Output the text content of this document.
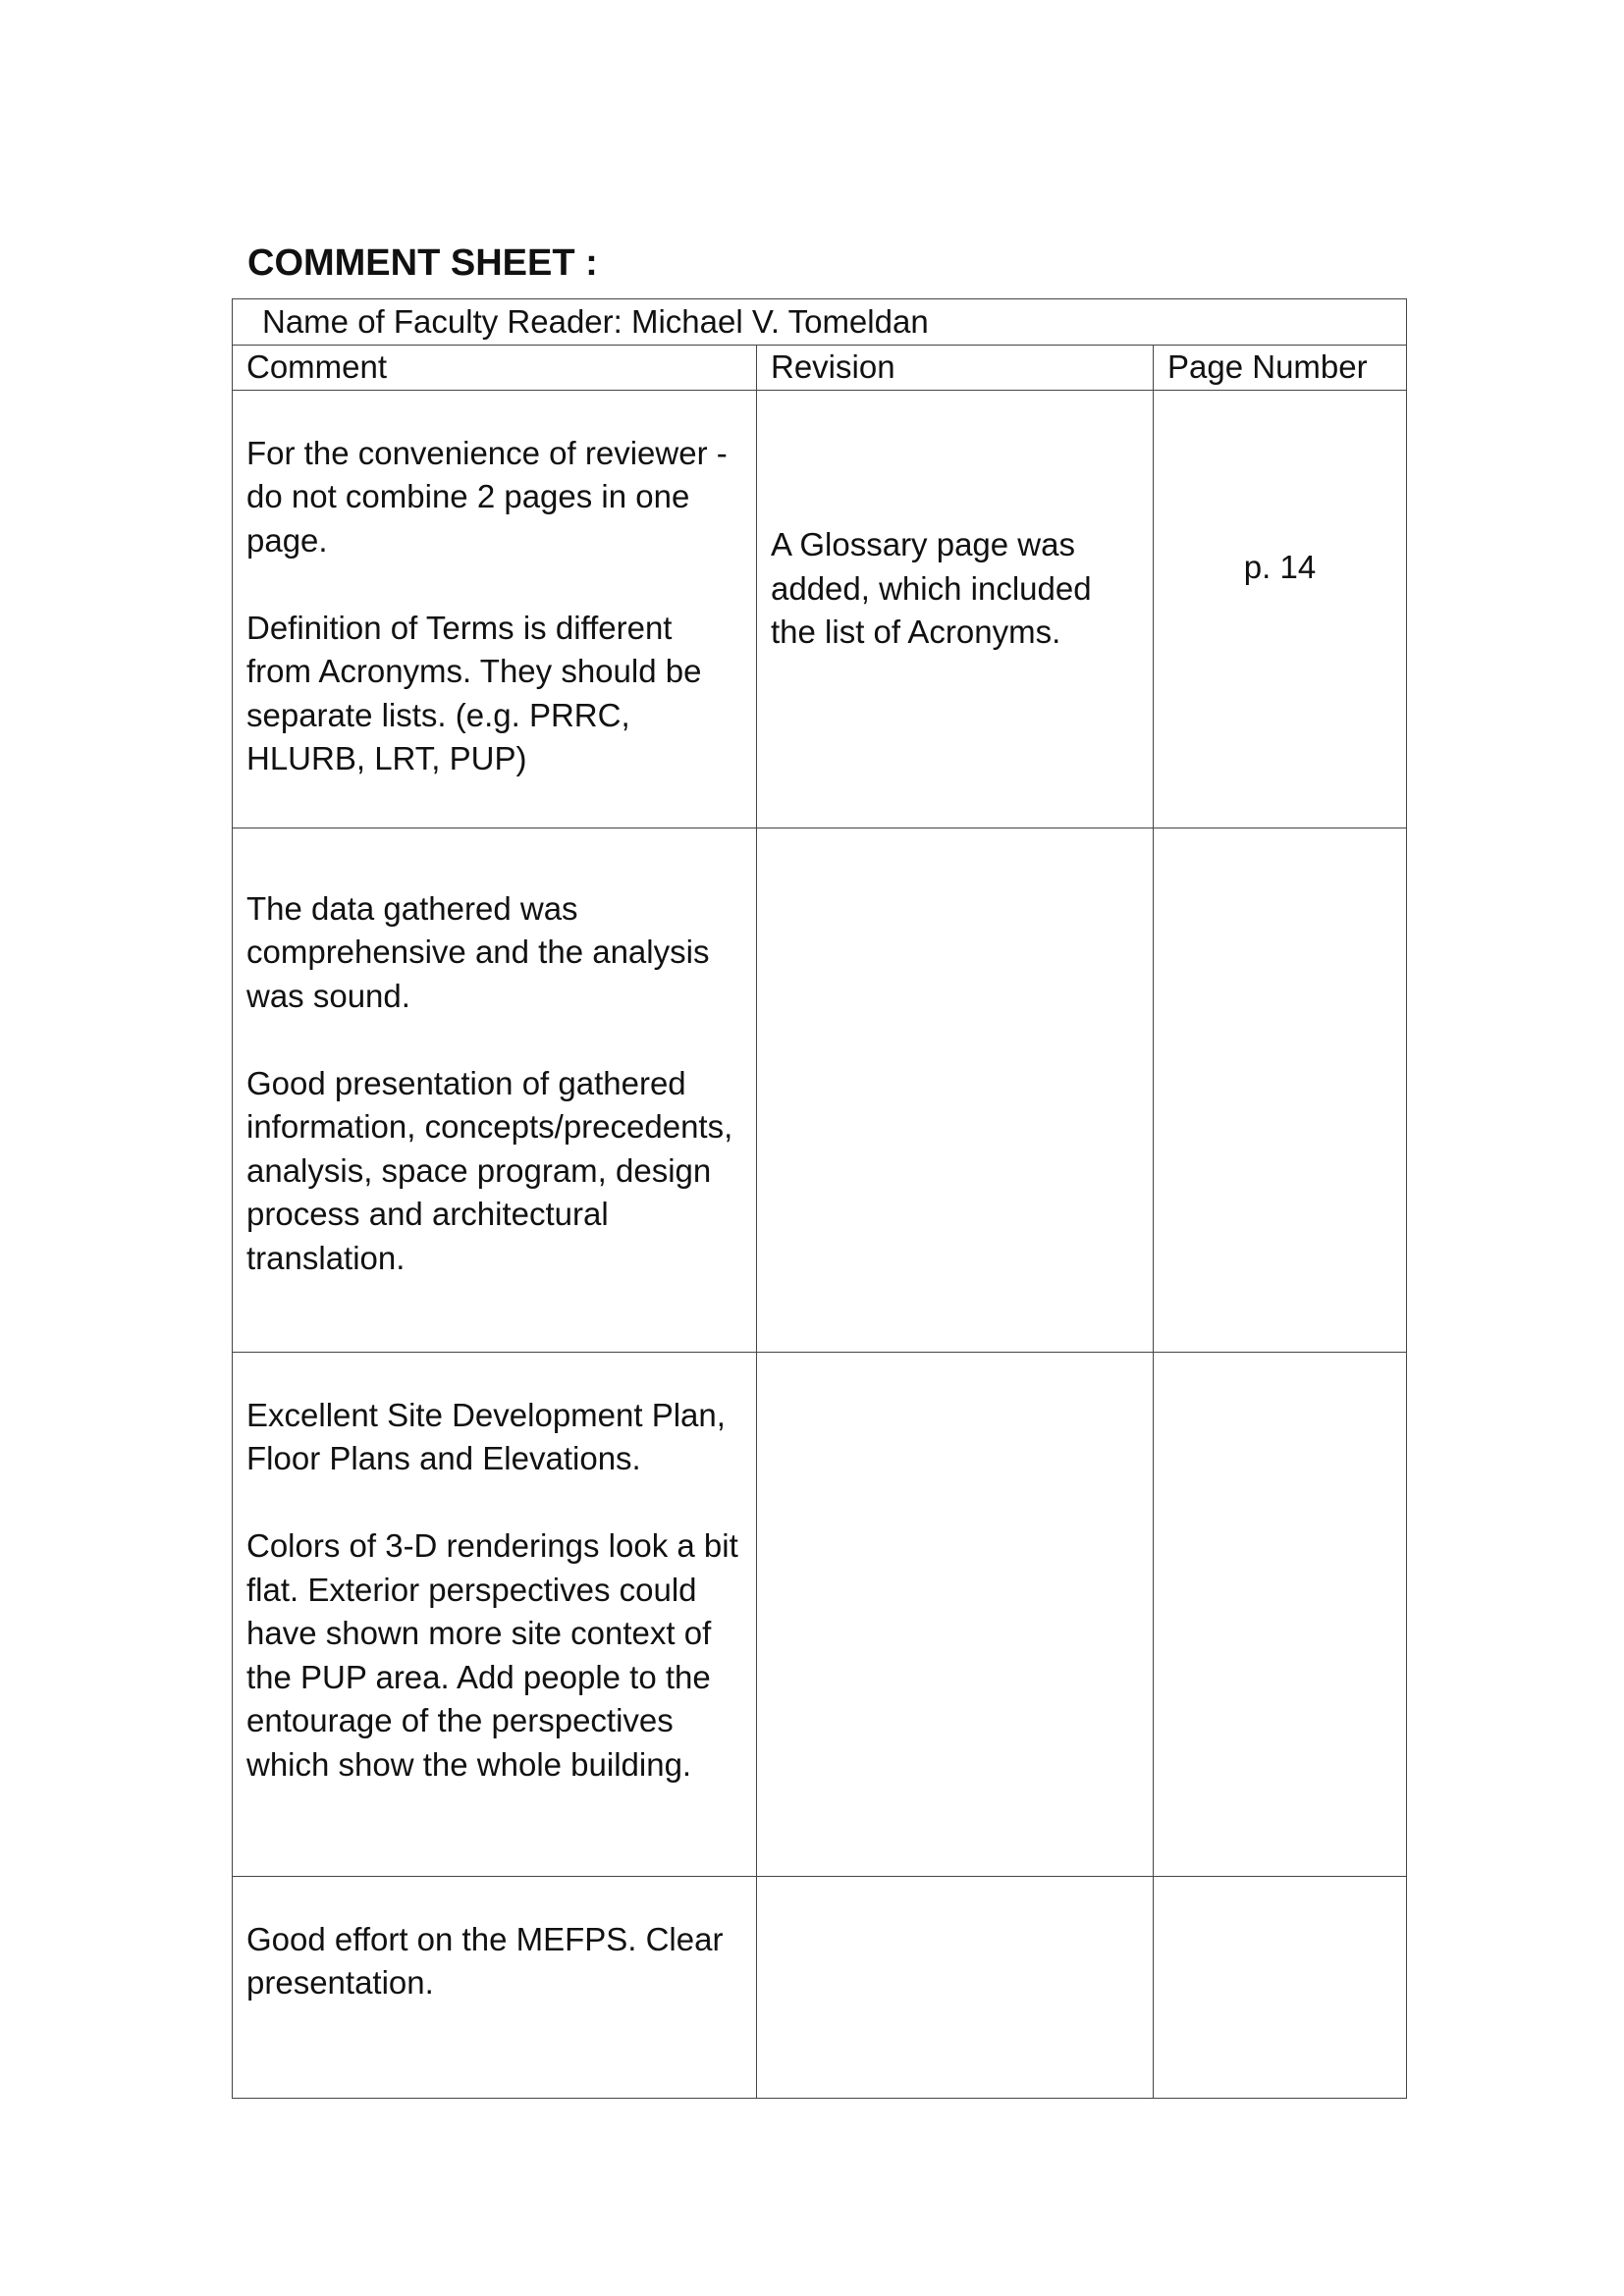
COMMENT SHEET :
Name of Faculty Reader: Michael V. Tomeldan		
Comment	Revision	Page Number

For the convenience of reviewer - do not combine 2 pages in one page.
Definition of Terms is different from Acronyms. They should be separate lists. (e.g. PRRC, HLURB, LRT, PUP)	A Glossary page was added, which included the list of Acronyms.	p. 14

The data gathered was comprehensive and the analysis was sound.
Good presentation of gathered information, concepts/precedents, analysis, space program, design process and architectural translation.		

Excellent Site Development Plan, Floor Plans and Elevations.
Colors of 3-D renderings look a bit flat. Exterior perspectives could have shown more site context of the PUP area. Add people to the entourage of the perspectives which show the whole building.		

Good effort on the MEFPS. Clear presentation.		
